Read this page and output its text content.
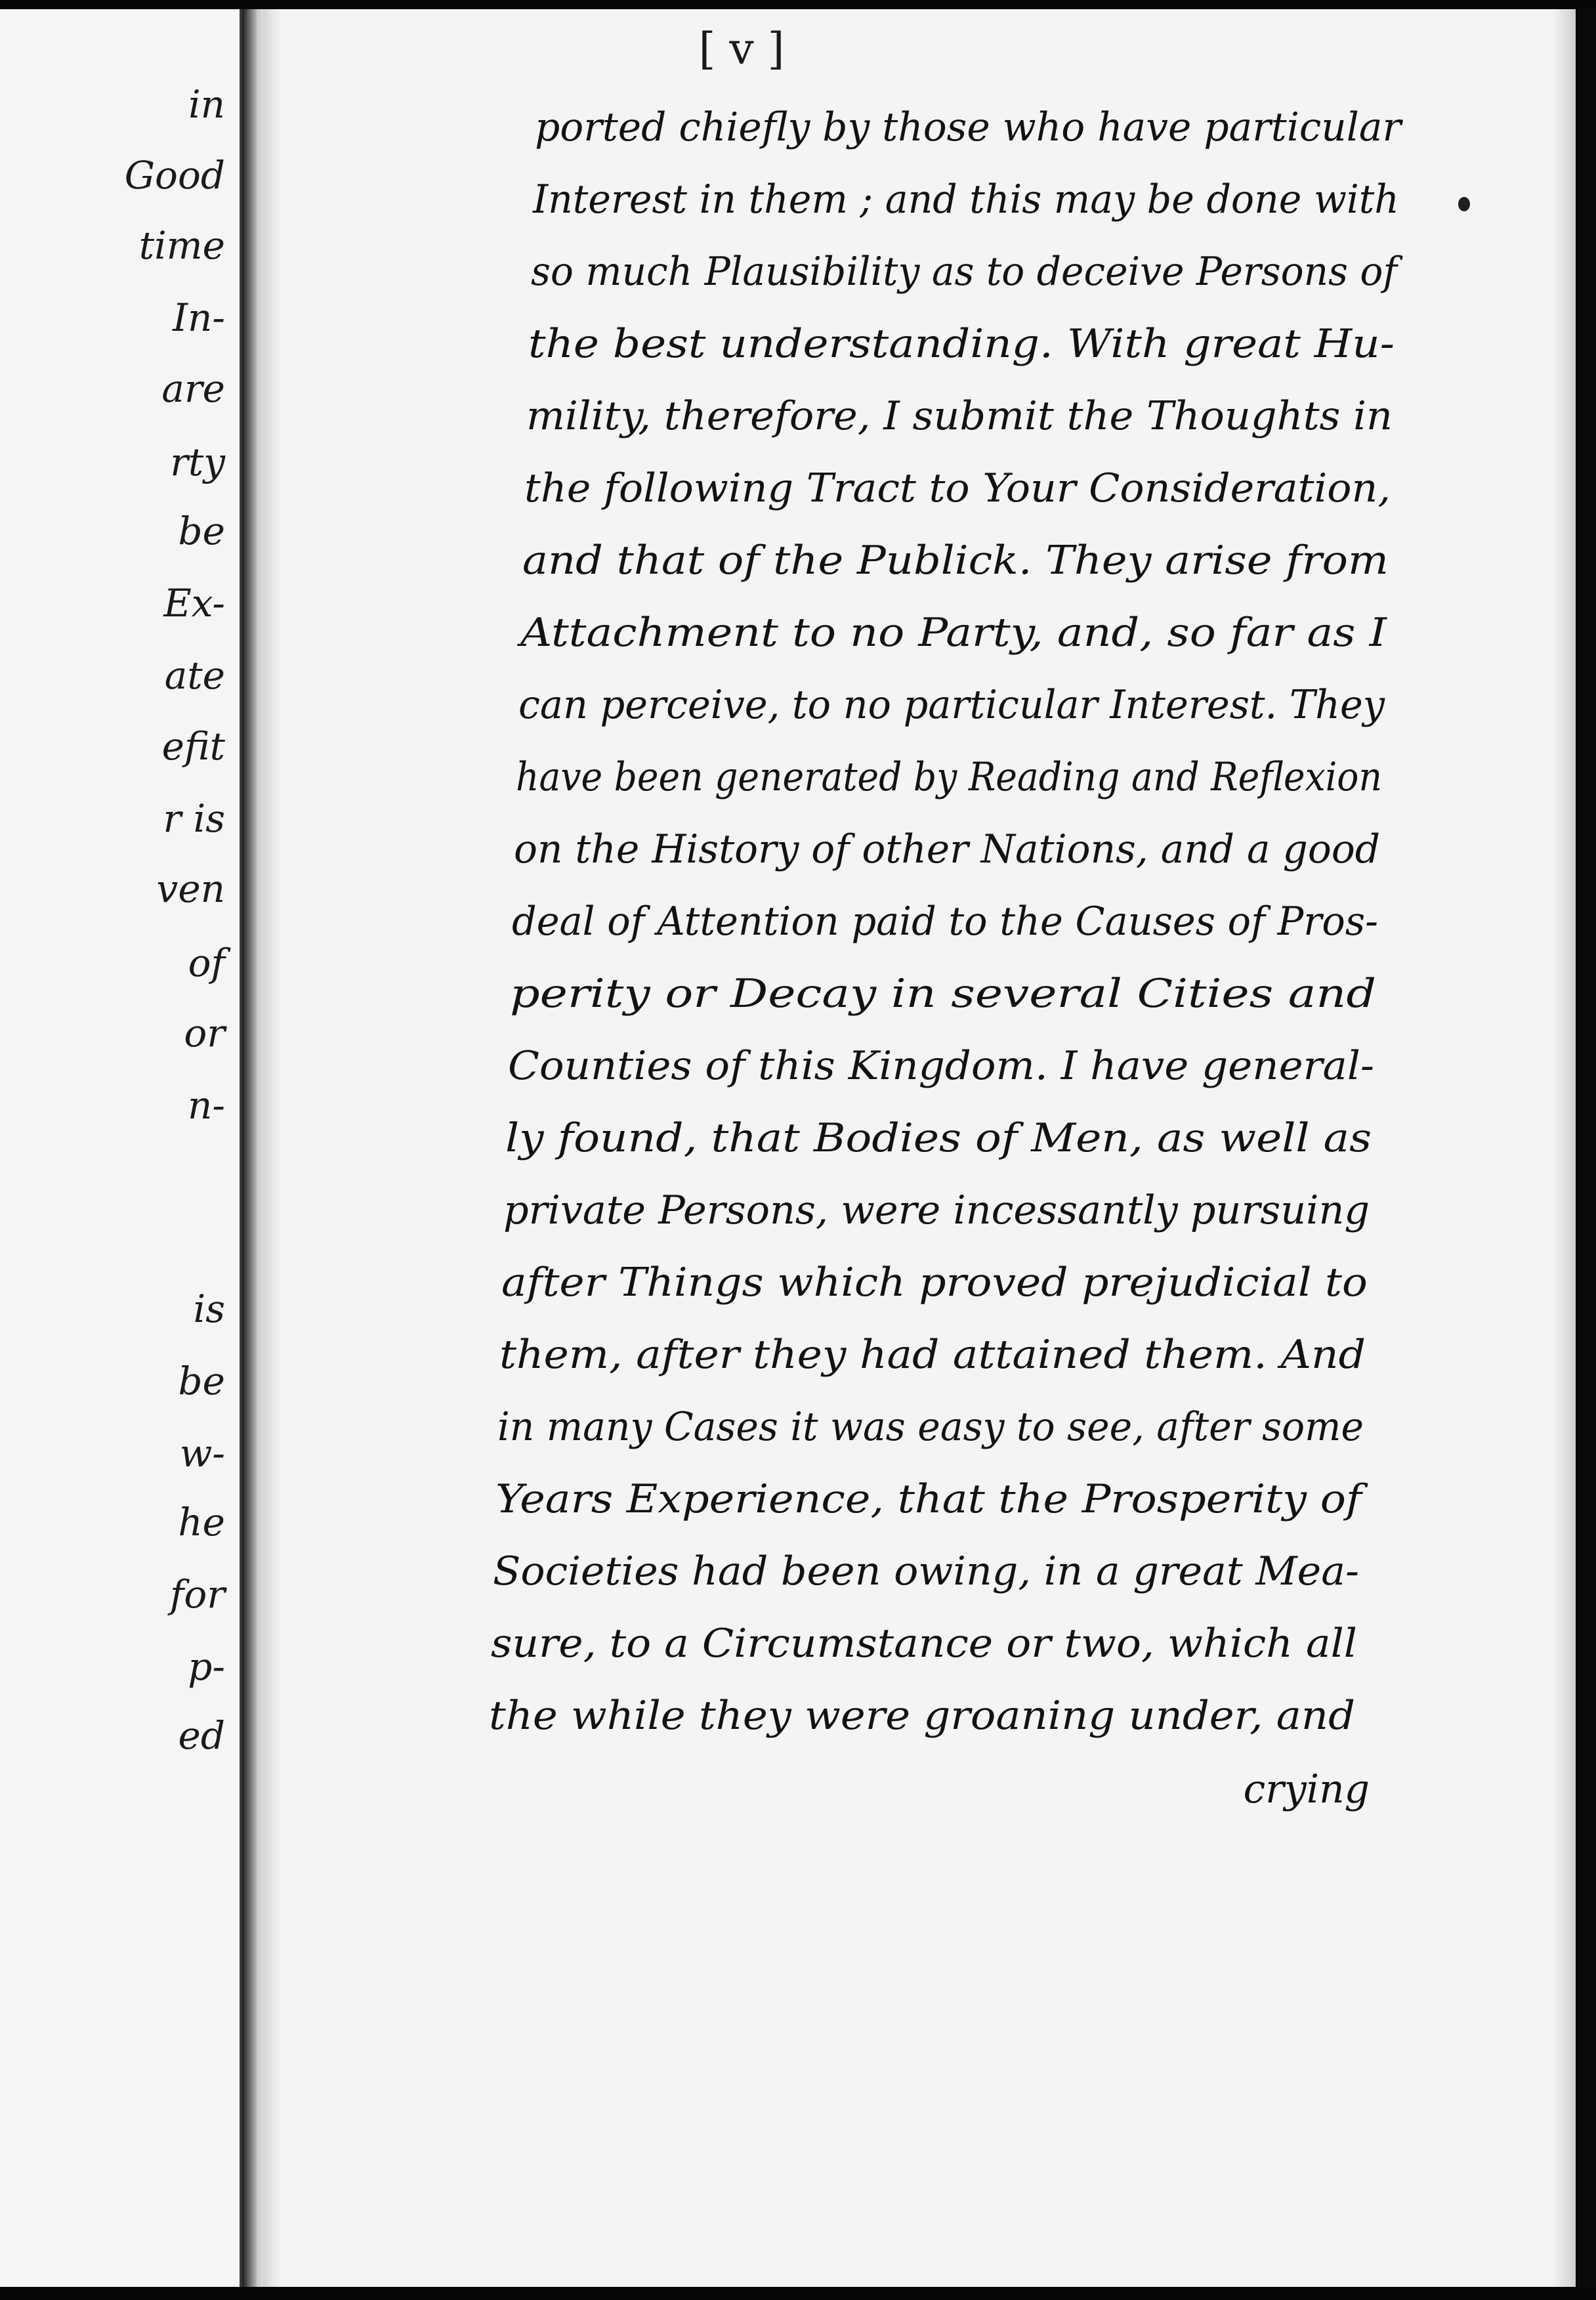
in
Good
time
In-
are
rty
be
Ex-
ate
efit
r is
ven
of
or
n-
is
be
w-
he
for
p-
ed
[ v ]
ported chiefly by those who have particular
Interest in them ; and this may be done with
so much Plausibility as to deceive Persons of
the best understanding. With great Hu-
mility, therefore, I submit the Thoughts in
the following Tract to Your Consideration,
and that of the Publick. They arise from
Attachment to no Party, and, so far as I
can perceive, to no particular Interest. They
have been generated by Reading and Reflexion
on the History of other Nations, and a good
deal of Attention paid to the Causes of Pros-
perity or Decay in several Cities and
Counties of this Kingdom. I have general-
ly found, that Bodies of Men, as well as
private Persons, were incessantly pursuing
after Things which proved prejudicial to
them, after they had attained them. And
in many Cases it was easy to see, after some
Years Experience, that the Prosperity of
Societies had been owing, in a great Mea-
sure, to a Circumstance or two, which all
the while they were groaning under, and
crying
